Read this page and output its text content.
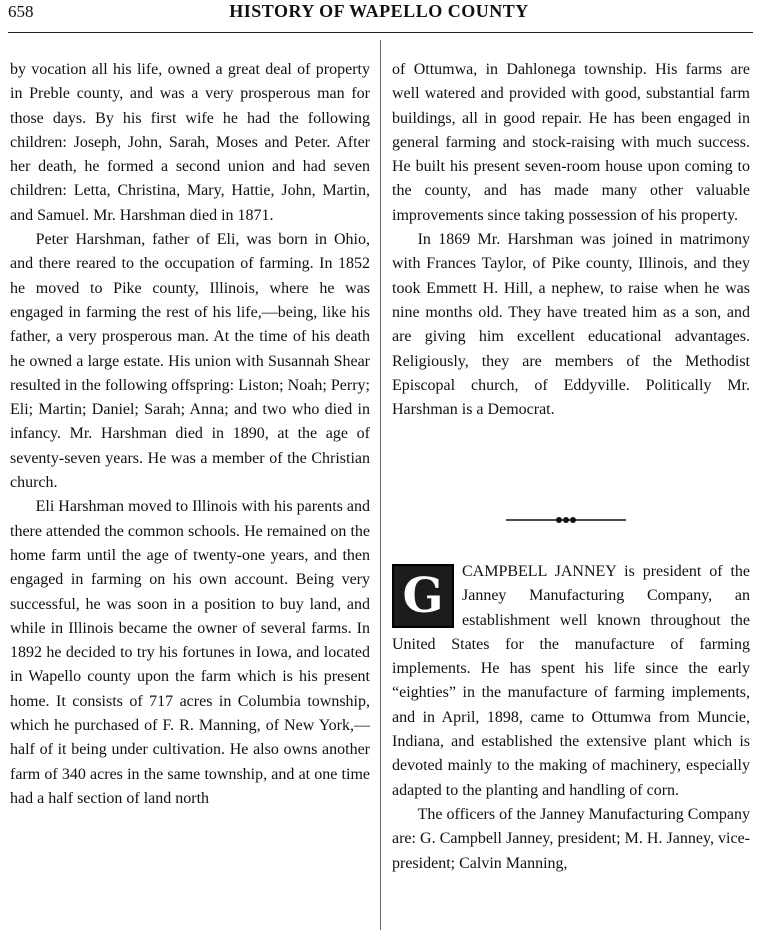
658	HISTORY OF WAPELLO COUNTY

by vocation all his life, owned a great deal of property in Preble county, and was a very prosperous man for those days. By his first wife he had the following children: Joseph, John, Sarah, Moses and Peter. After her death, he formed a second union and had seven children: Letta, Christina, Mary, Hattie, John, Martin, and Samuel. Mr. Harshman died in 1871.

Peter Harshman, father of Eli, was born in Ohio, and there reared to the occupation of farming. In 1852 he moved to Pike county, Illinois, where he was engaged in farming the rest of his life,—being, like his father, a very prosperous man. At the time of his death he owned a large estate. His union with Susannah Shear resulted in the following offspring: Liston; Noah; Perry; Eli; Martin; Daniel; Sarah; Anna; and two who died in infancy. Mr. Harshman died in 1890, at the age of seventy-seven years. He was a member of the Christian church.

Eli Harshman moved to Illinois with his parents and there attended the common schools. He remained on the home farm until the age of twenty-one years, and then engaged in farming on his own account. Being very successful, he was soon in a position to buy land, and while in Illinois became the owner of several farms. In 1892 he decided to try his fortunes in Iowa, and located in Wapello county upon the farm which is his present home. It consists of 717 acres in Columbia township, which he purchased of F. R. Manning, of New York,—half of it being under cultivation. He also owns another farm of 340 acres in the same township, and at one time had a half section of land north

of Ottumwa, in Dahlonega township. His farms are well watered and provided with good, substantial farm buildings, all in good repair. He has been engaged in general farming and stock-raising with much success. He built his present seven-room house upon coming to the county, and has made many other valuable improvements since taking possession of his property.

In 1869 Mr. Harshman was joined in matrimony with Frances Taylor, of Pike county, Illinois, and they took Emmett H. Hill, a nephew, to raise when he was nine months old. They have treated him as a son, and are giving him excellent educational advantages. Religiously, they are members of the Methodist Episcopal church, of Eddyville. Politically Mr. Harshman is a Democrat.

G	CAMPBELL JANNEY is president of the Janney Manufacturing Company, an establishment well known throughout the United States for the manufacture of farming implements. He has spent his life since the early “eighties” in the manufacture of farming implements, and in April, 1898, came to Ottumwa from Muncie, Indiana, and established the extensive plant which is devoted mainly to the making of machinery, especially adapted to the planting and handling of corn.

The officers of the Janney Manufacturing Company are: G. Campbell Janney, president; M. H. Janney, vice-president; Calvin Manning,
